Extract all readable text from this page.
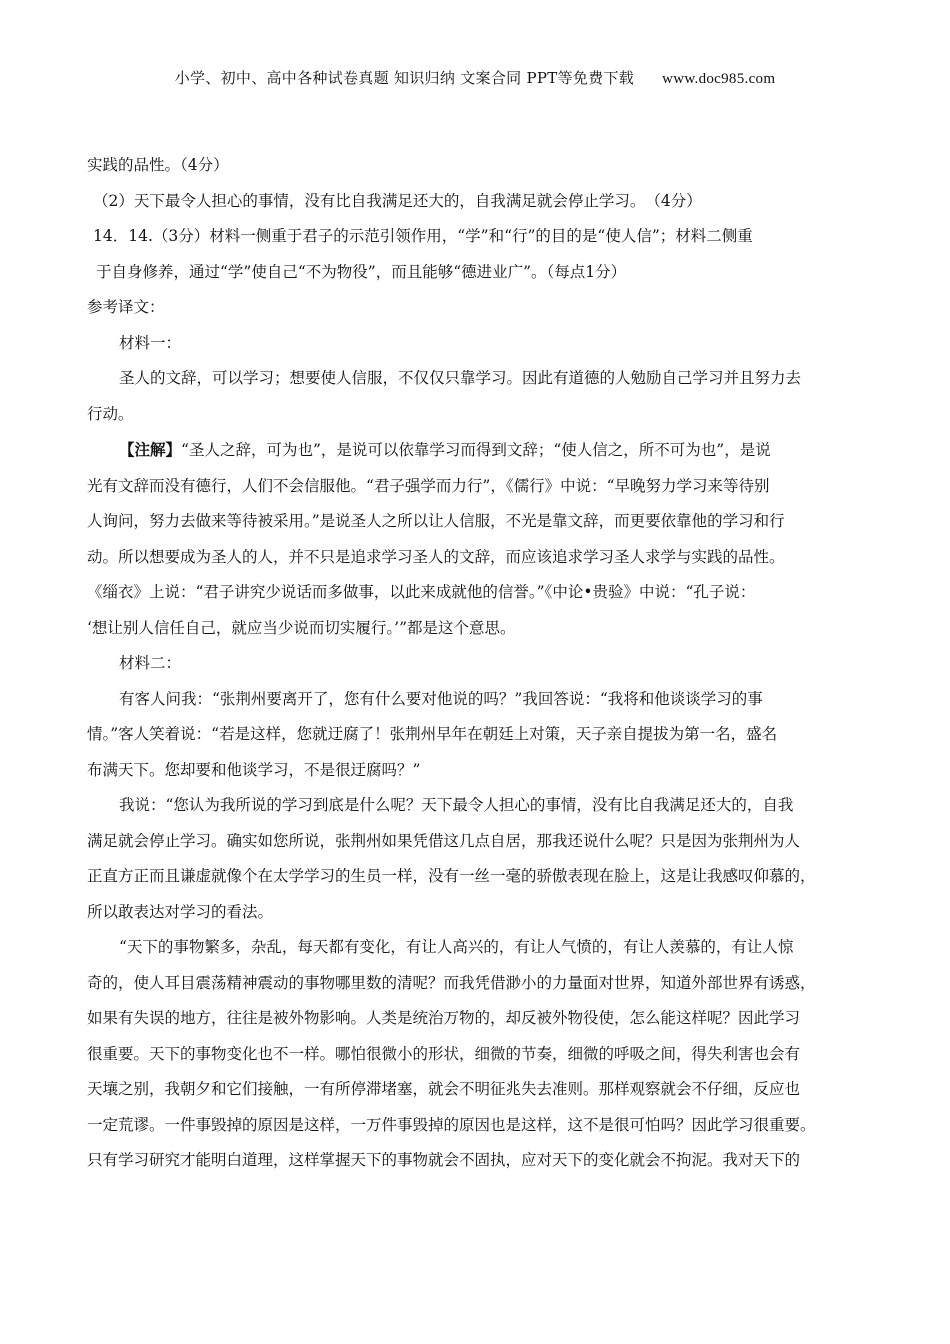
小学、初中、高中各种试卷真题 知识归纳 文案合同 PPT等免费下载 www.doc985.com
实践的品性。（4分）
（2）天下最令人担心的事情，没有比自我满足还大的，自我满足就会停止学习。　（4分）
14．14.（3分）材料一侧重于君子的示范引领作用，“学”和“行”的目的是“使人信”；材料二侧重
于自身修养，通过“学”使自己“不为物役”，而且能够“德进业广”。（每点1分）
参考译文：
材料一：
圣人的文辞，可以学习；想要使人信服，不仅仅只靠学习。因此有道德的人勉励自己学习并且努力去
行动。
【注解】“圣人之辞，可为也”，是说可以依靠学习而得到文辞；“使人信之，所不可为也”，是说
光有文辞而没有德行，人们不会信服他。“君子强学而力行”，《儒行》中说：“早晚努力学习来等待别
人询问，努力去做来等待被采用。”是说圣人之所以让人信服，不光是靠文辞，而更要依靠他的学习和行
动。所以想要成为圣人的人，并不只是追求学习圣人的文辞，而应该追求学习圣人求学与实践的品性。
《缁衣》上说：“君子讲究少说话而多做事，以此来成就他的信誉。”《中论•贵验》中说：“孔子说：
‘想让别人信任自己，就应当少说而切实履行。’”都是这个意思。
材料二：
有客人问我：“张荆州要离开了，您有什么要对他说的吗？”我回答说：“我将和他谈谈学习的事
情。”客人笑着说：“若是这样，您就迂腐了！张荆州早年在朝廷上对策，天子亲自提拔为第一名，盛名
布满天下。您却要和他谈学习，不是很迂腐吗？”
我说：“您认为我所说的学习到底是什么呢？天下最令人担心的事情，没有比自我满足还大的，自我
满足就会停止学习。确实如您所说，张荆州如果凭借这几点自居，那我还说什么呢？只是因为张荆州为人
正直方正而且谦虚就像个在太学学习的生员一样，没有一丝一毫的骄傲表现在脸上，这是让我感叹仰慕的，
所以敢表达对学习的看法。
“天下的事物繁多，杂乱，每天都有变化，有让人高兴的，有让人气愤的，有让人羡慕的，有让人惊
奇的，使人耳目震荡精神震动的事物哪里数的清呢？而我凭借渺小的力量面对世界，知道外部世界有诱惑，
如果有失误的地方，往往是被外物影响。人类是统治万物的，却反被外物役使，怎么能这样呢？因此学习
很重要。天下的事物变化也不一样。哪怕很微小的形状，细微的节奏，细微的呼吸之间，得失利害也会有
天壤之别，我朝夕和它们接触，一有所停滞堵塞，就会不明征兆失去准则。那样观察就会不仔细，反应也
一定荒谬。一件事毁掉的原因是这样，一万件事毁掉的原因也是这样，这不是很可怕吗？因此学习很重要。
只有学习研究才能明白道理，这样掌握天下的事物就会不固执，应对天下的变化就会不拘泥。我对天下的
